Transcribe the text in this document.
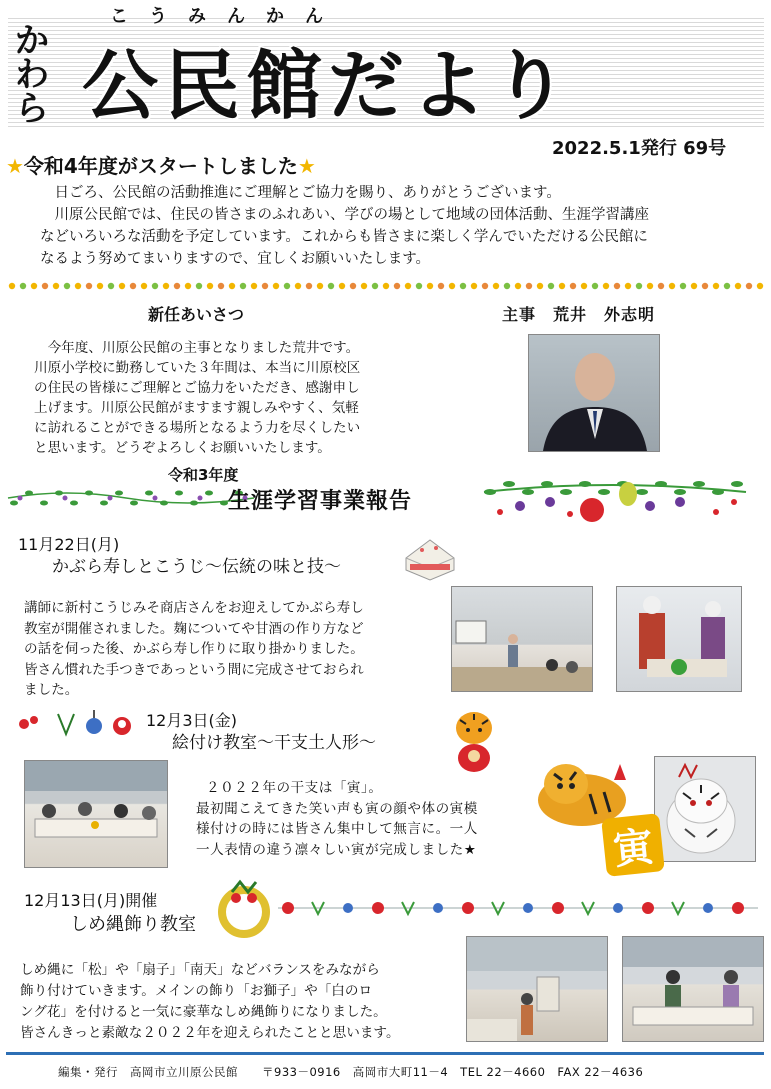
こうみんかん
か
わ
ら 公民館だより
2022.5.1発行 69号
★令和4年度がスタートしました★
　日ごろ、公民館の活動推進にご理解とご協力を賜り、ありがとうございます。
　川原公民館では、住民の皆さまのふれあい、学びの場として地域の団体活動、生涯学習講座
などいろいろな活動を予定しています。これからも皆さまに楽しく学んでいただける公民館に
なるよう努めてまいりますので、宜しくお願いいたします。
新任あいさつ	主事　荒井　外志明
　今年度、川原公民館の主事となりました荒井です。
川原小学校に勤務していた３年間は、本当に川原校区
の住民の皆様にご理解とご協力をいただき、感謝申し
上げます。川原公民館がますます親しみやすく、気軽
に訪れることができる場所となるよう力を尽くしたい
と思います。どうぞよろしくお願いいたします。
令和3年度
生涯学習事業報告
11月22日(月)
かぶら寿しとこうじ～伝統の味と技～
講師に新村こうじみそ商店さんをお迎えしてかぶら寿し
教室が開催されました。麹についてや甘酒の作り方など
の話を伺った後、かぶら寿し作りに取り掛かりました。
皆さん慣れた手つきであっという間に完成させておられ
ました。
12月3日(金)
絵付け教室～干支土人形～
２０２２年の干支は「寅」。
最初聞こえてきた笑い声も寅の顔や体の寅模
様付けの時には皆さん集中して無言に。一人
一人表情の違う凛々しい寅が完成しました★	寅
12月13日(月)開催
しめ縄飾り教室
しめ縄に「松」や「扇子」「南天」などバランスをみながら
飾り付けていきます。メインの飾り「お獅子」や「白のロ
ング花」を付けると一気に豪華なしめ縄飾りになりました。
皆さんきっと素敵な２０２２年を迎えられたことと思います。
編集・発行　高岡市立川原公民館　　〒933－0916　高岡市大町11－4　TEL 22－4660　FAX 22－4636
